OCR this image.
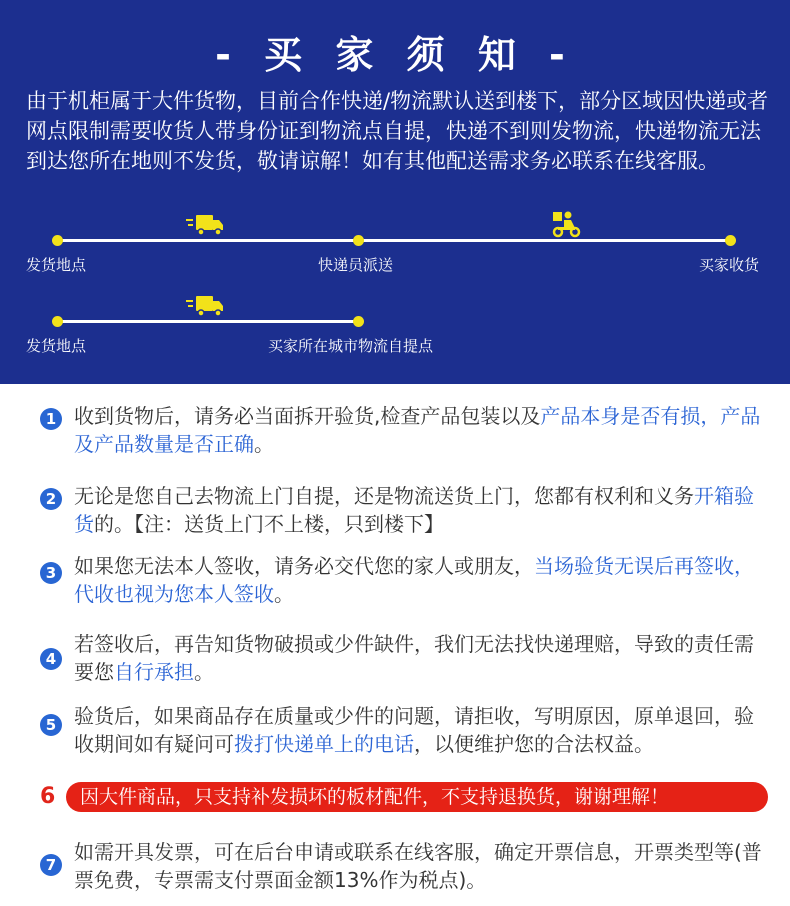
- 买 家 须 知 -
由于机柜属于大件货物，目前合作快递/物流默认送到楼下，部分区域因快递或者网点限制需要收货人带身份证到物流点自提，快递不到则发物流，快递物流无法到达您所在地则不发货，敬请谅解！如有其他配送需求务必联系在线客服。
发货地点	快递员派送	买家收货
发货地点	买家所在城市物流自提点
1 收到货物后，请务必当面拆开验货,检查产品包装以及产品本身是否有损，产品及产品数量是否正确。
2 无论是您自己去物流上门自提，还是物流送货上门，您都有权利和义务开箱验货的。【注：送货上门不上楼，只到楼下】
3 如果您无法本人签收，请务必交代您的家人或朋友，当场验货无误后再签收，代收也视为您本人签收。
4
若签收后，再告知货物破损或少件缺件，我们无法找快递理赔，导致的责任需要您自行承担。
5 验货后，如果商品存在质量或少件的问题，请拒收，写明原因，原单退回，验收期间如有疑问可拨打快递单上的电话，以便维护您的合法权益。
6	因大件商品，只支持补发损坏的板材配件，不支持退换货，谢谢理解！
7
如需开具发票，可在后台申请或联系在线客服，确定开票信息，开票类型等(普票免费，专票需支付票面金额13%作为税点)。
